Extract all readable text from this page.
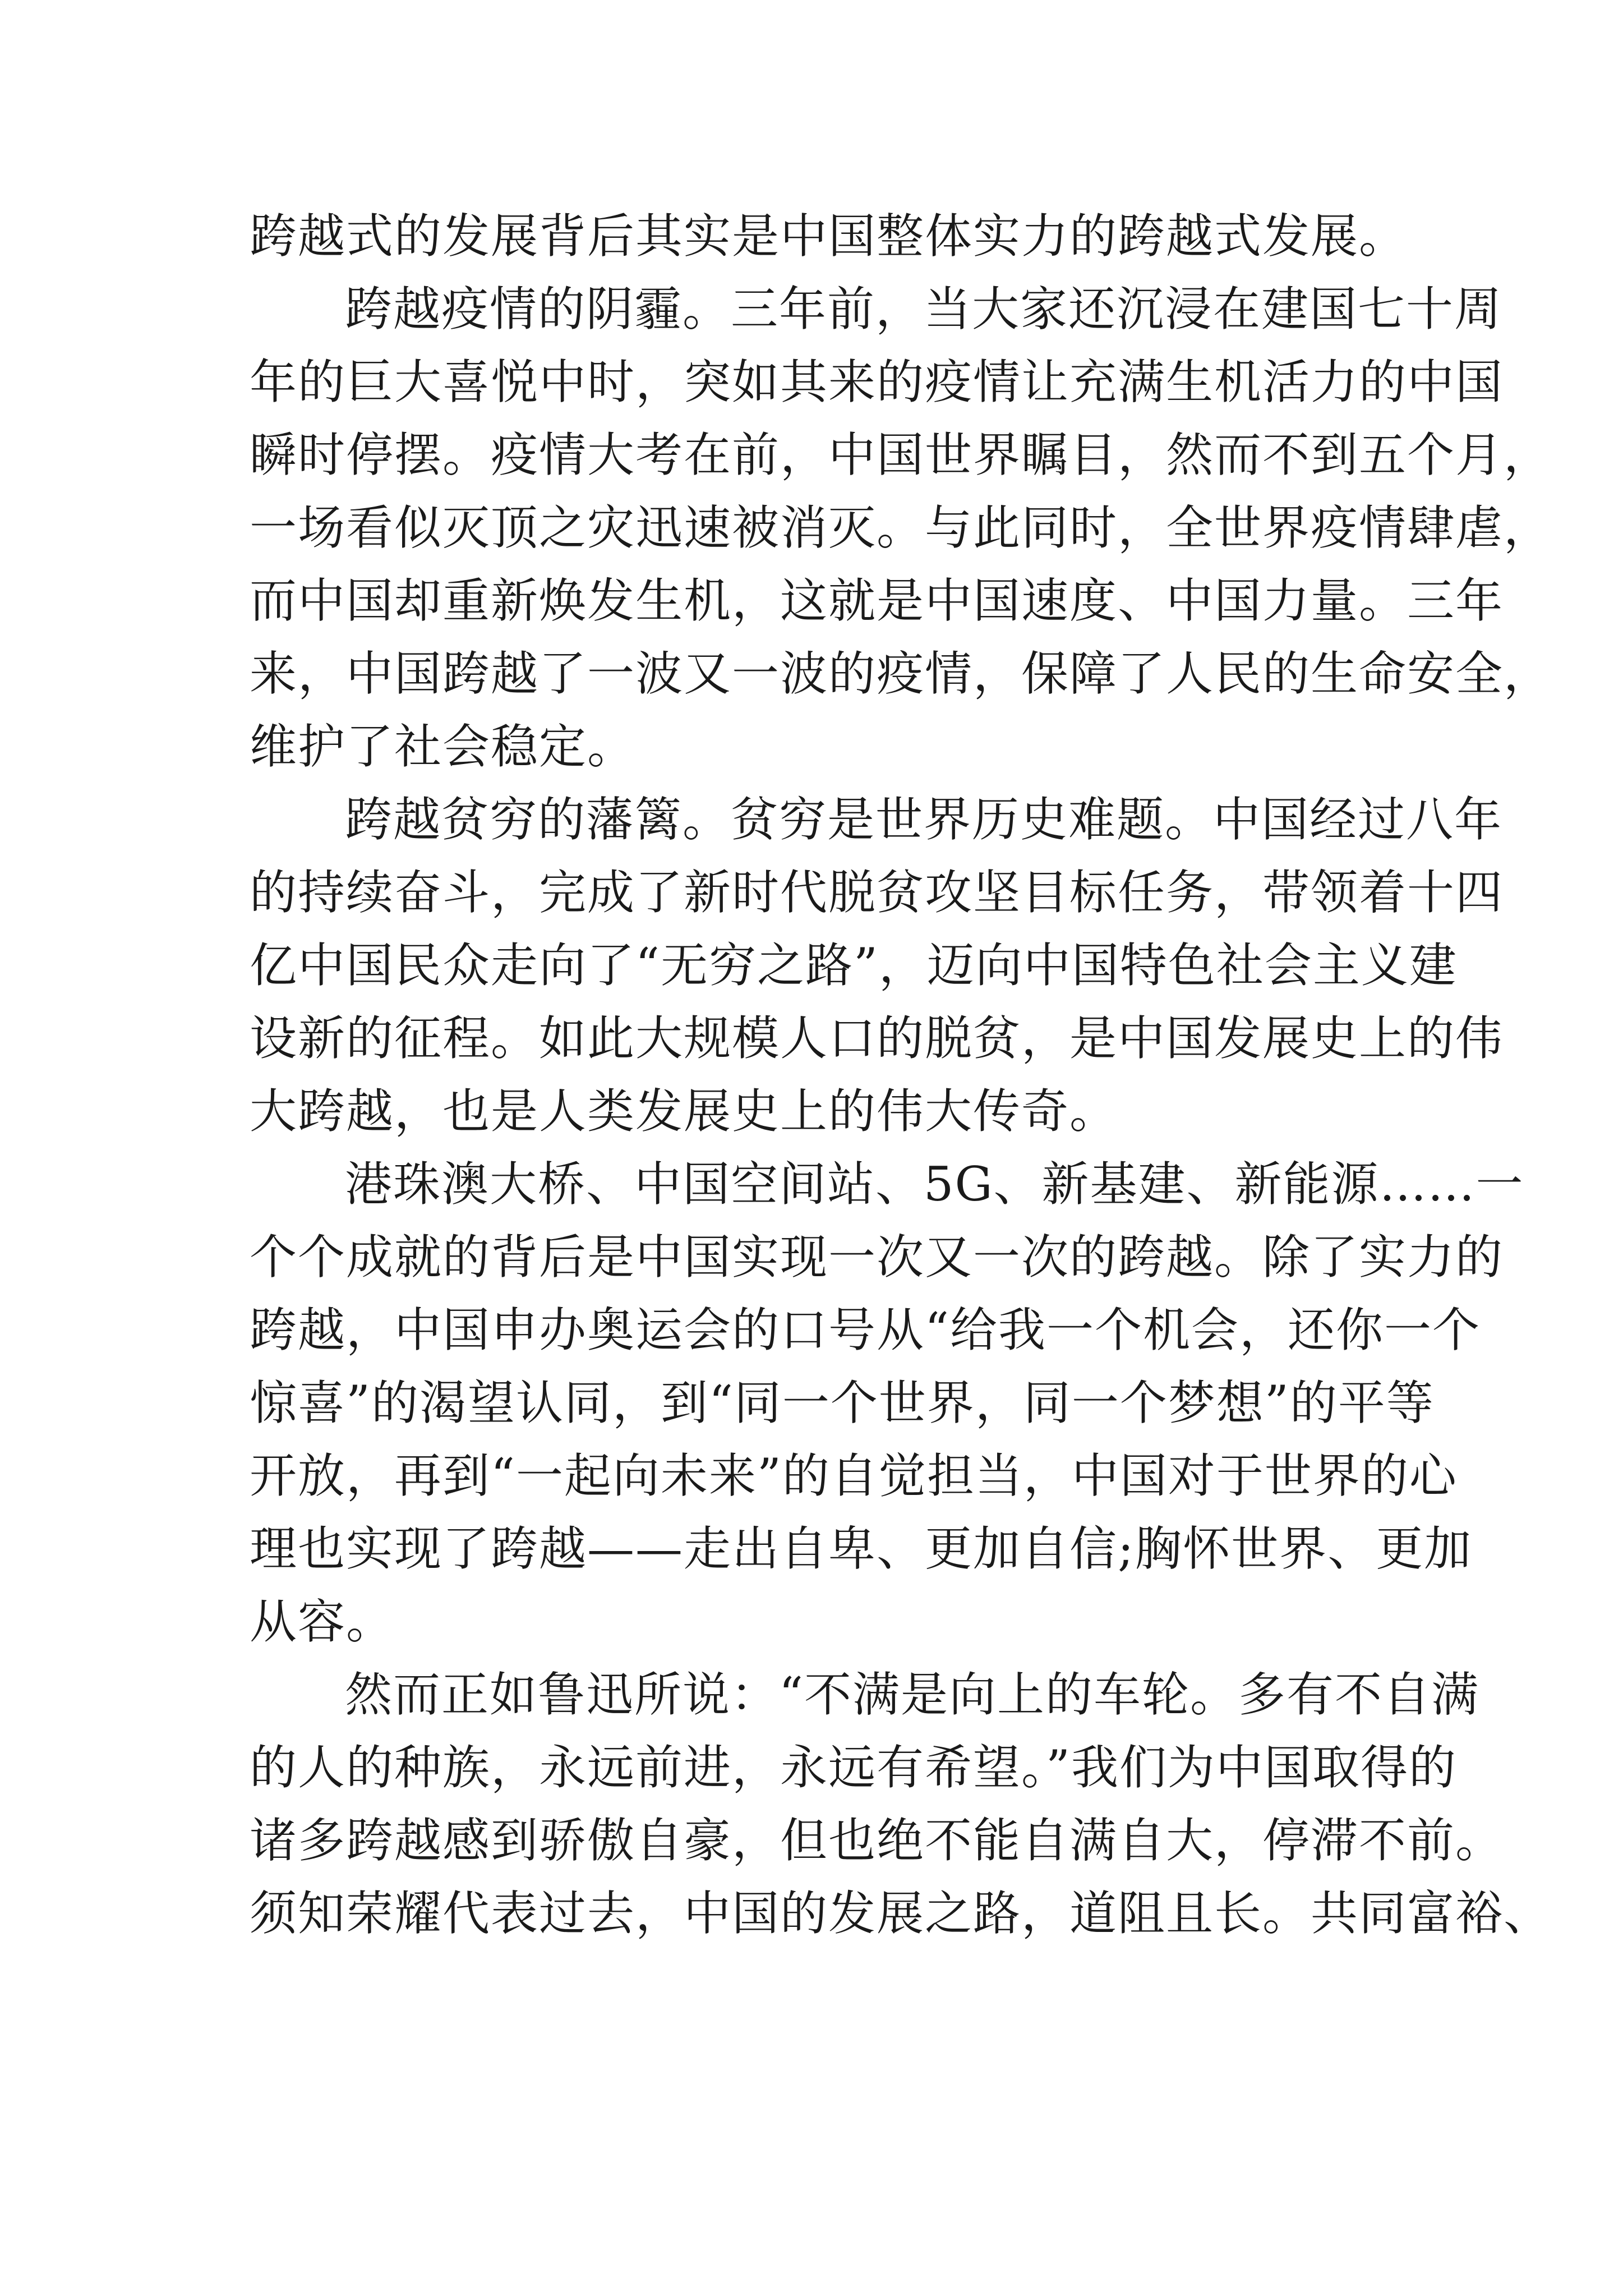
跨越式的发展背后其实是中国整体实力的跨越式发展。
跨越疫情的阴霾。三年前，当大家还沉浸在建国七十周
年的巨大喜悦中时，突如其来的疫情让充满生机活力的中国
瞬时停摆。疫情大考在前，中国世界瞩目，然而不到五个月，
一场看似灭顶之灾迅速被消灭。与此同时，全世界疫情肆虐，
而中国却重新焕发生机，这就是中国速度、中国力量。三年
来，中国跨越了一波又一波的疫情，保障了人民的生命安全，
维护了社会稳定。
跨越贫穷的藩篱。贫穷是世界历史难题。中国经过八年
的持续奋斗，完成了新时代脱贫攻坚目标任务，带领着十四
亿中国民众走向了“无穷之路”，迈向中国特色社会主义建
设新的征程。如此大规模人口的脱贫，是中国发展史上的伟
大跨越，也是人类发展史上的伟大传奇。
港珠澳大桥、中国空间站、5G、新基建、新能源……一
个个成就的背后是中国实现一次又一次的跨越。除了实力的
跨越，中国申办奥运会的口号从“给我一个机会，还你一个
惊喜”的渴望认同，到“同一个世界，同一个梦想”的平等
开放，再到“一起向未来”的自觉担当，中国对于世界的心
理也实现了跨越——走出自卑、更加自信;胸怀世界、更加
从容。
然而正如鲁迅所说：“不满是向上的车轮。多有不自满
的人的种族，永远前进，永远有希望。”我们为中国取得的
诸多跨越感到骄傲自豪，但也绝不能自满自大，停滞不前。
须知荣耀代表过去，中国的发展之路，道阻且长。共同富裕、
